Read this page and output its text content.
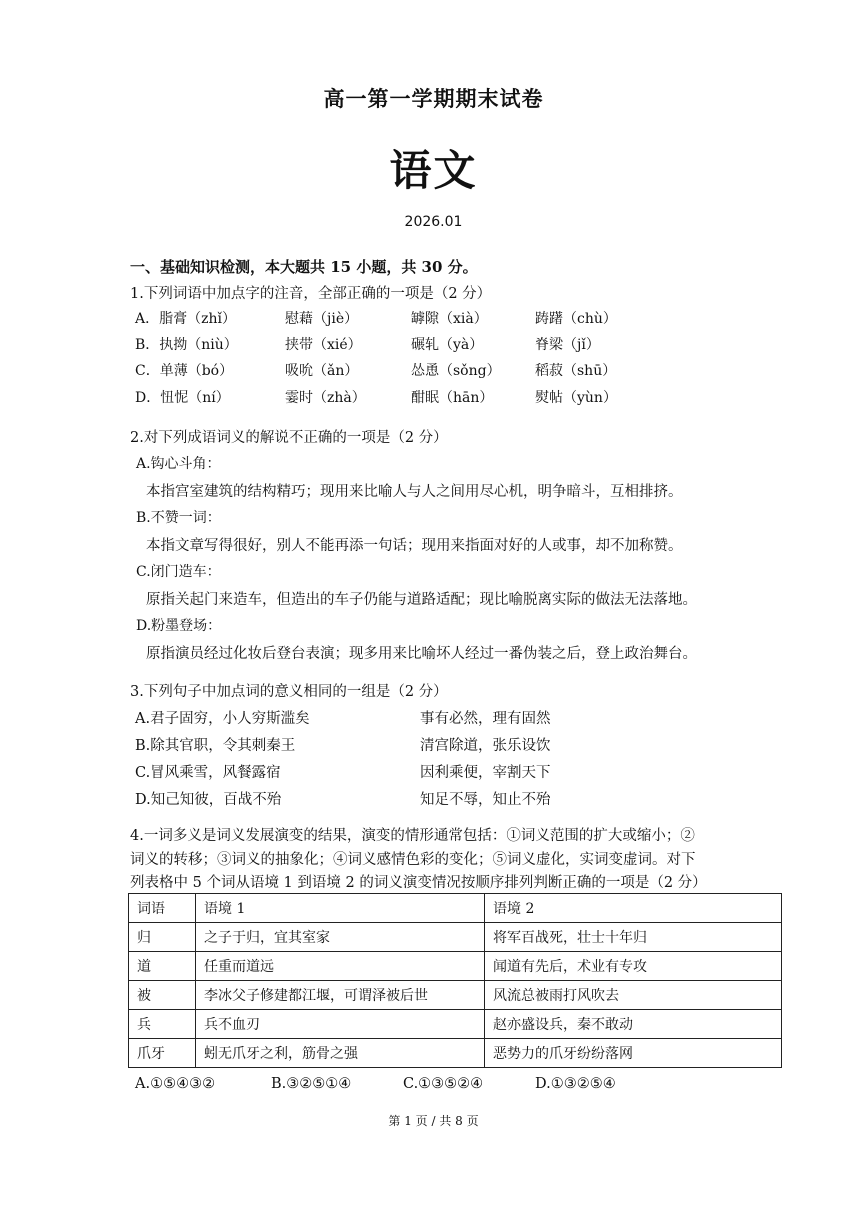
高一第一学期期末试卷
语文
2026.01
一、基础知识检测，本大题共 15 小题，共 30 分。
1.下列词语中加点字的注音，全部正确的一项是（2 分）
A．脂膏（zhǐ）	慰藉（jiè）	罅隙（xià）	踌躇（chù）
B．执拗（niù）	挟带（xié）	碾轧（yà）	脊梁（jǐ）
C．单薄（bó）	吸吮（ǎn）	怂恿（sǒng） 稻菽（shū）
D．忸怩（ní）	霎时（zhà）	酣眠（hān）	熨帖（yùn）
2.对下列成语词义的解说不正确的一项是（2 分）
A.钩心斗角：
本指宫室建筑的结构精巧；现用来比喻人与人之间用尽心机，明争暗斗，互相排挤。
B.不赞一词：
本指文章写得很好，别人不能再添一句话；现用来指面对好的人或事，却不加称赞。
C.闭门造车：
原指关起门来造车，但造出的车子仍能与道路适配；现比喻脱离实际的做法无法落地。
D.粉墨登场：
原指演员经过化妆后登台表演；现多用来比喻坏人经过一番伪装之后，登上政治舞台。
3.下列句子中加点词的意义相同的一组是（2 分）
A.君子固穷，小人穷斯滥矣	事有必然，理有固然
B.除其官职，令其刺秦王	清宫除道，张乐设饮
C.冒风乘雪，风餐露宿	因利乘便，宰割天下
D.知己知彼，百战不殆	知足不辱，知止不殆
4.一词多义是词义发展演变的结果，演变的情形通常包括：①词义范围的扩大或缩小；②
词义的转移；③词义的抽象化；④词义感情色彩的变化；⑤词义虚化，实词变虚词。对下
列表格中 5 个词从语境 1 到语境 2 的词义演变情况按顺序排列判断正确的一项是（2 分）
词语	语境 1	语境 2
归	之子于归，宜其室家	将军百战死，壮士十年归
道	任重而道远	闻道有先后，术业有专攻
被	李冰父子修建都江堰，可谓泽被后世	风流总被雨打风吹去
兵	兵不血刃	赵亦盛设兵，秦不敢动
爪牙	蚓无爪牙之利，筋骨之强	恶势力的爪牙纷纷落网
A.①⑤④③②	B.③②⑤①④	C.①③⑤②④	D.①③②⑤④
第 1 页 / 共 8 页
